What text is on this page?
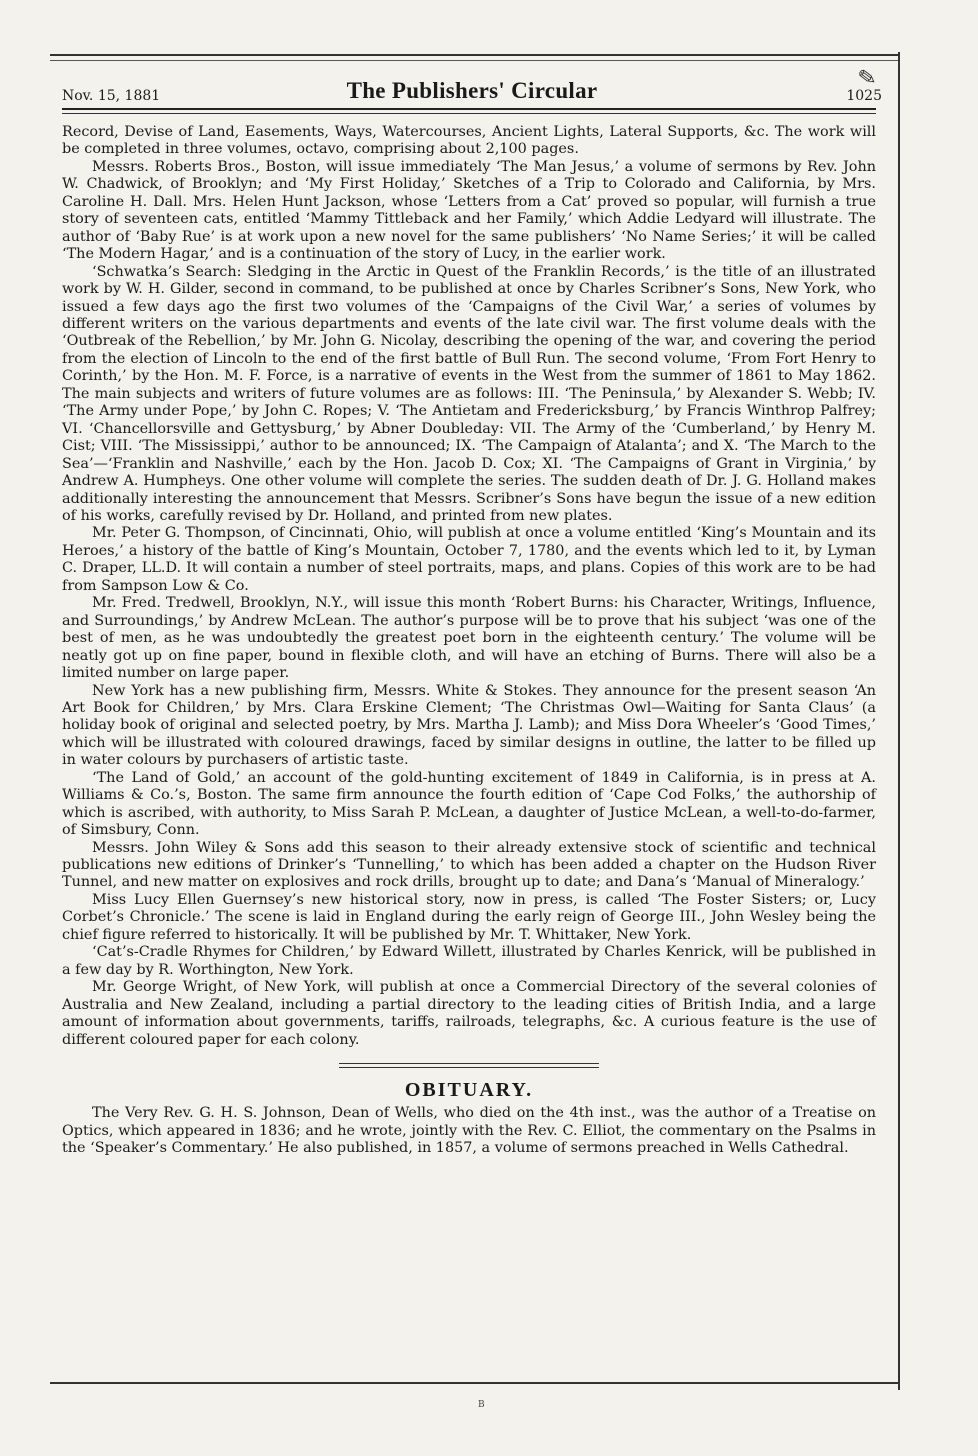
✎
Nov. 15, 1881	The Publishers' Circular	1025

Record, Devise of Land, Easements, Ways, Watercourses, Ancient Lights, Lateral Supports, &c. The work will be completed in three volumes, octavo, comprising about 2,100 pages.

Messrs. Roberts Bros., Boston, will issue immediately ‘The Man Jesus,’ a volume of sermons by Rev. John W. Chadwick, of Brooklyn; and ‘My First Holiday,’ Sketches of a Trip to Colorado and California, by Mrs. Caroline H. Dall. Mrs. Helen Hunt Jackson, whose ‘Letters from a Cat’ proved so popular, will furnish a true story of seventeen cats, entitled ‘Mammy Tittleback and her Family,’ which Addie Ledyard will illustrate. The author of ‘Baby Rue’ is at work upon a new novel for the same publishers’ ‘No Name Series;’ it will be called ‘The Modern Hagar,’ and is a continuation of the story of Lucy, in the earlier work.

‘Schwatka’s Search: Sledging in the Arctic in Quest of the Franklin Records,’ is the title of an illustrated work by W. H. Gilder, second in command, to be published at once by Charles Scribner’s Sons, New York, who issued a few days ago the first two volumes of the ‘Campaigns of the Civil War,’ a series of volumes by different writers on the various departments and events of the late civil war. The first volume deals with the ‘Outbreak of the Rebellion,’ by Mr. John G. Nicolay, describing the opening of the war, and covering the period from the election of Lincoln to the end of the first battle of Bull Run. The second volume, ‘From Fort Henry to Corinth,’ by the Hon. M. F. Force, is a narrative of events in the West from the summer of 1861 to May 1862. The main subjects and writers of future volumes are as follows: III. ‘The Peninsula,’ by Alexander S. Webb; IV. ‘The Army under Pope,’ by John C. Ropes; V. ‘The Antietam and Fredericksburg,’ by Francis Winthrop Palfrey; VI. ‘Chancellorsville and Gettysburg,’ by Abner Doubleday: VII. The Army of the ‘Cumberland,’ by Henry M. Cist; VIII. ‘The Mississippi,’ author to be announced; IX. ‘The Campaign of Atalanta’; and X. ‘The March to the Sea’—‘Franklin and Nashville,’ each by the Hon. Jacob D. Cox; XI. ‘The Campaigns of Grant in Virginia,’ by Andrew A. Humpheys. One other volume will complete the series. The sudden death of Dr. J. G. Holland makes additionally interesting the announcement that Messrs. Scribner’s Sons have begun the issue of a new edition of his works, carefully revised by Dr. Holland, and printed from new plates.

Mr. Peter G. Thompson, of Cincinnati, Ohio, will publish at once a volume entitled ‘King’s Mountain and its Heroes,’ a history of the battle of King’s Mountain, October 7, 1780, and the events which led to it, by Lyman C. Draper, LL.D. It will contain a number of steel portraits, maps, and plans. Copies of this work are to be had from Sampson Low & Co.

Mr. Fred. Tredwell, Brooklyn, N.Y., will issue this month ‘Robert Burns: his Character, Writings, Influence, and Surroundings,’ by Andrew McLean. The author’s purpose will be to prove that his subject ‘was one of the best of men, as he was undoubtedly the greatest poet born in the eighteenth century.’ The volume will be neatly got up on fine paper, bound in flexible cloth, and will have an etching of Burns. There will also be a limited number on large paper.

New York has a new publishing firm, Messrs. White & Stokes. They announce for the present season ‘An Art Book for Children,’ by Mrs. Clara Erskine Clement; ‘The Christmas Owl—Waiting for Santa Claus’ (a holiday book of original and selected poetry, by Mrs. Martha J. Lamb); and Miss Dora Wheeler’s ‘Good Times,’ which will be illustrated with coloured drawings, faced by similar designs in outline, the latter to be filled up in water colours by purchasers of artistic taste.

‘The Land of Gold,’ an account of the gold-hunting excitement of 1849 in California, is in press at A. Williams & Co.’s, Boston. The same firm announce the fourth edition of ‘Cape Cod Folks,’ the authorship of which is ascribed, with authority, to Miss Sarah P. McLean, a daughter of Justice McLean, a well-to-do-farmer, of Simsbury, Conn.

Messrs. John Wiley & Sons add this season to their already extensive stock of scientific and technical publications new editions of Drinker’s ‘Tunnelling,’ to which has been added a chapter on the Hudson River Tunnel, and new matter on explosives and rock drills, brought up to date; and Dana’s ‘Manual of Mineralogy.’

Miss Lucy Ellen Guernsey’s new historical story, now in press, is called ‘The Foster Sisters; or, Lucy Corbet’s Chronicle.’ The scene is laid in England during the early reign of George III., John Wesley being the chief figure referred to historically. It will be published by Mr. T. Whittaker, New York.

‘Cat’s-Cradle Rhymes for Children,’ by Edward Willett, illustrated by Charles Kenrick, will be published in a few day by R. Worthington, New York.

Mr. George Wright, of New York, will publish at once a Commercial Directory of the several colonies of Australia and New Zealand, including a partial directory to the leading cities of British India, and a large amount of information about governments, tariffs, railroads, telegraphs, &c. A curious feature is the use of different coloured paper for each colony.

OBITUARY.

The Very Rev. G. H. S. Johnson, Dean of Wells, who died on the 4th inst., was the author of a Treatise on Optics, which appeared in 1836; and he wrote, jointly with the Rev. C. Elliot, the commentary on the Psalms in the ‘Speaker’s Commentary.’ He also published, in 1857, a volume of sermons preached in Wells Cathedral.

B
